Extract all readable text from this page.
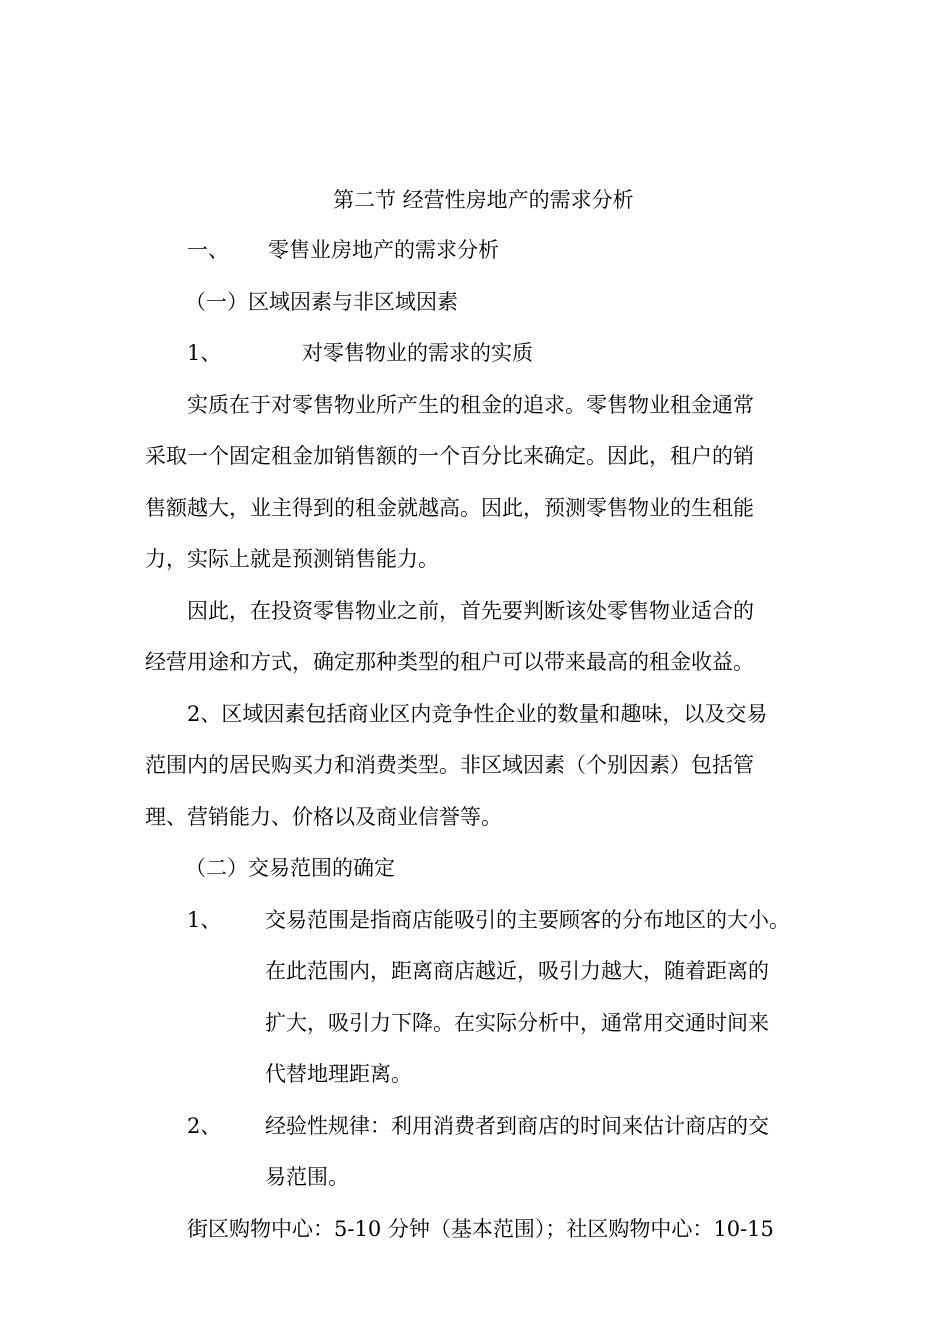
第二节 经营性房地产的需求分析
一、 零售业房地产的需求分析
（一）区域因素与非区域因素
1、	对零售物业的需求的实质
实质在于对零售物业所产生的租金的追求。零售物业租金通常
采取一个固定租金加销售额的一个百分比来确定。因此，租户的销
售额越大，业主得到的租金就越高。因此，预测零售物业的生租能
力，实际上就是预测销售能力。
因此，在投资零售物业之前，首先要判断该处零售物业适合的
经营用途和方式，确定那种类型的租户可以带来最高的租金收益。
2、区域因素包括商业区内竞争性企业的数量和趣味，以及交易
范围内的居民购买力和消费类型。非区域因素（个别因素）包括管
理、营销能力、价格以及商业信誉等。
（二）交易范围的确定
1、 交易范围是指商店能吸引的主要顾客的分布地区的大小。
在此范围内，距离商店越近，吸引力越大，随着距离的
扩大，吸引力下降。在实际分析中，通常用交通时间来
代替地理距离。
2、 经验性规律：利用消费者到商店的时间来估计商店的交
易范围。
街区购物中心：5-10 分钟（基本范围）；社区购物中心：10-15
